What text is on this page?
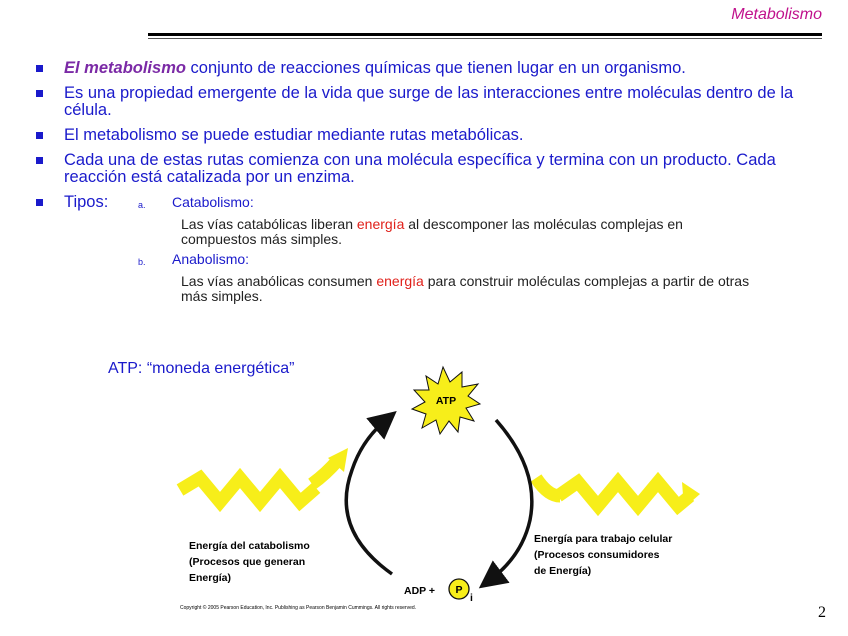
Metabolismo
El metabolismo conjunto de reacciones químicas que tienen lugar en un organismo.
Es una propiedad emergente de la vida que surge de las interacciones entre moléculas dentro de la célula.
El metabolismo se puede estudiar mediante rutas metabólicas.
Cada una de estas rutas comienza con una molécula específica y termina con un producto. Cada reacción está catalizada por un enzima.
Tipos:	a.	Catabolismo:
Las vías catabólicas liberan energía al descomponer las moléculas complejas en compuestos más simples.
b.	Anabolismo:
Las vías anabólicas consumen energía para construir moléculas complejas a partir de otras más simples.
ATP: “moneda energética”
ATP
ADP + P
i
Energía del catabolismo
(Procesos que generan
Energía)
Energía para trabajo celular
(Procesos consumidores
de Energía)
Copyright © 2005 Pearson Education, Inc. Publishing as Pearson Benjamin Cummings. All rights reserved.	2
